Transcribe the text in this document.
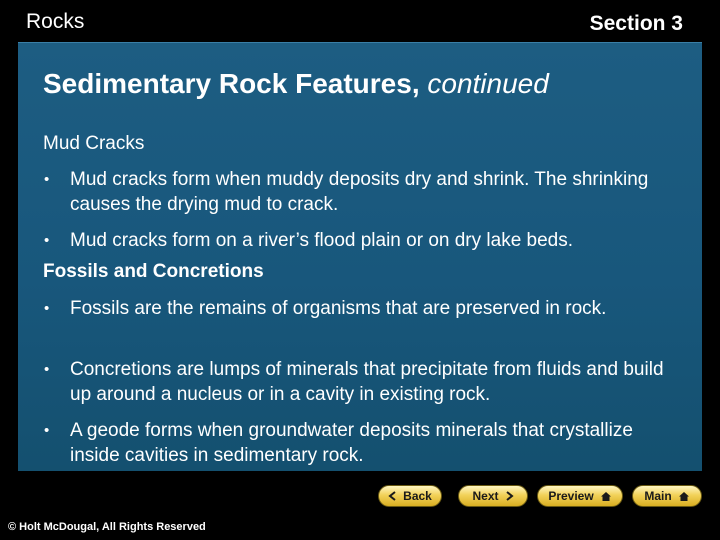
Rocks	Section 3
Sedimentary Rock Features, continued
Mud Cracks
•	Mud cracks form when muddy deposits dry and shrink. The shrinking causes the drying mud to crack.
•	Mud cracks form on a river’s flood plain or on dry lake beds.
Fossils and Concretions
•	Fossils are the remains of organisms that are preserved in rock.
•	Concretions are lumps of minerals that precipitate from fluids and build up around a nucleus or in a cavity in existing rock.
•	A geode forms when groundwater deposits minerals that crystallize inside cavities in sedimentary rock.
Back	Next	Preview	Main
© Holt McDougal, All Rights Reserved
